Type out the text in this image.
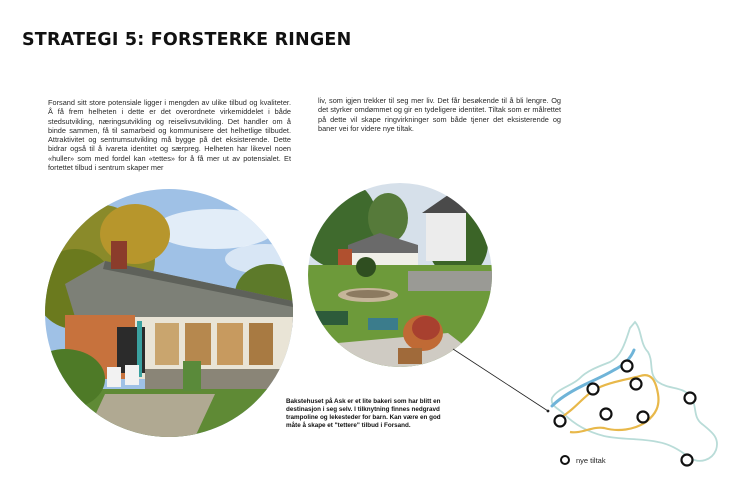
STRATEGI 5: FORSTERKE RINGEN
Forsand sitt store potensiale ligger i mengden av ulike tilbud og kvaliteter. Å få frem helheten i dette er det overordnete virkemiddelet i både stedsutvikling, næringsutvikling og reiselivsutvikling. Det handler om å binde sammen, få til samarbeid og kommunisere det helhetlige tilbudet. Attraktivitet og sentrumsutvikling må bygge på det eksisterende. Dette bidrar også til å ivareta identitet og særpreg. Helheten har likevel noen «huller» som med fordel kan «tettes» for å få mer ut av potensialet. Et fortettet tilbud i sentrum skaper mer
liv, som igjen trekker til seg mer liv. Det får besøkende til å bli lengre. Og det styrker omdømmet og gir en tydeligere identitet. Tiltak som er målrettet på dette vil skape ringvirkninger som både tjener det eksisterende og baner vei for videre nye tiltak.
Bakstehuset på Ask er et lite bakeri som har blitt en destinasjon i seg selv. I tilknytning finnes nedgravd trampoline og lekesteder for barn. Kan være en god måte å skape et "tettere" tilbud i Forsand.
nye tiltak
